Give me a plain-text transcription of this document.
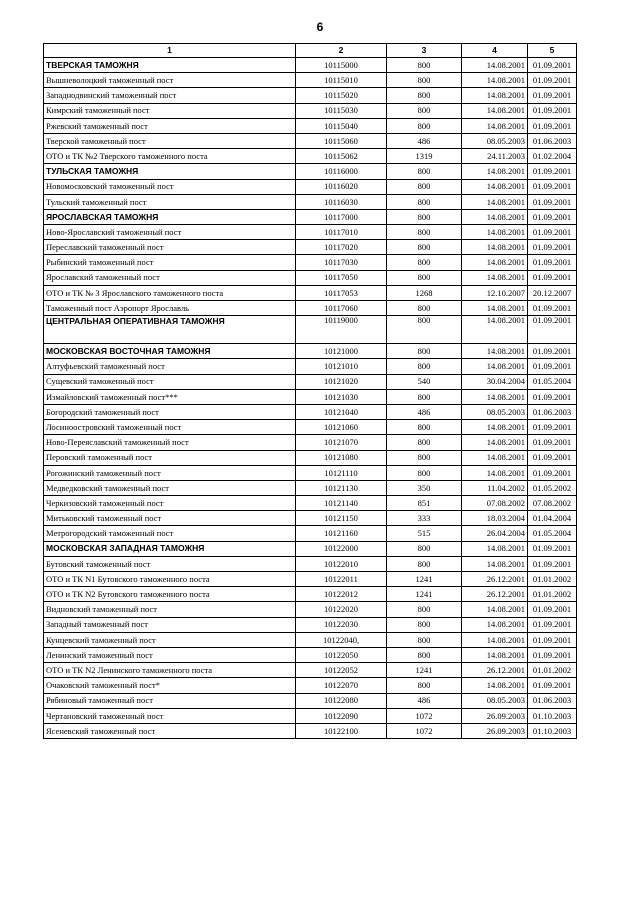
6
1	2	3	4	5
ТВЕРСКАЯ ТАМОЖНЯ	10115000	800	14.08.2001	01.09.2001
Вышневолоцкий таможенный пост	10115010	800	14.08.2001	01.09.2001
Западнодвинский таможенный пост	10115020	800	14.08.2001	01.09.2001
Кимрский таможенный пост	10115030	800	14.08.2001	01.09.2001
Ржевский таможенный пост	10115040	800	14.08.2001	01.09.2001
Тверской таможенный пост	10115060	486	08.05.2003	01.06.2003
ОТО и ТК №2 Тверского таможенного поста	10115062	1319	24.11.2003	01.02.2004
ТУЛЬСКАЯ ТАМОЖНЯ	10116000	800	14.08.2001	01.09.2001
Новомосковский таможенный пост	10116020	800	14.08.2001	01.09.2001
Тульский таможенный пост	10116030	800	14.08.2001	01.09.2001
ЯРОСЛАВСКАЯ ТАМОЖНЯ	10117000	800	14.08.2001	01.09.2001
Ново-Ярославский таможенный пост	10117010	800	14.08.2001	01.09.2001
Переславский таможенный пост	10117020	800	14.08.2001	01.09.2001
Рыбинский таможенный пост	10117030	800	14.08.2001	01.09.2001
Ярославский таможенный пост	10117050	800	14.08.2001	01.09.2001
ОТО и ТК № 3 Ярославского таможенного поста	10117053	1268	12.10.2007	20.12.2007
Таможенный пост Аэропорт Ярославль	10117060	800	14.08.2001	01.09.2001
ЦЕНТРАЛЬНАЯ ОПЕРАТИВНАЯ ТАМОЖНЯ	10119000	800	14.08.2001	01.09.2001
МОСКОВСКАЯ ВОСТОЧНАЯ ТАМОЖНЯ	10121000	800	14.08.2001	01.09.2001
Алтуфьевский таможенный пост	10121010	800	14.08.2001	01.09.2001
Сущевский таможенный пост	10121020	540	30.04.2004	01.05.2004
Измайловский таможенный пост***	10121030	800	14.08.2001	01.09.2001
Богородский таможенный пост	10121040	486	08.05.2003	01.06.2003
Лосиноостровский таможенный пост	10121060	800	14.08.2001	01.09.2001
Ново-Переяславский таможенный пост	10121070	800	14.08.2001	01.09.2001
Перовский таможенный пост	10121080	800	14.08.2001	01.09.2001
Рогожинский таможенный пост	10121110	800	14.08.2001	01.09.2001
Медведковский таможенный пост	10121130	350	11.04.2002	01.05.2002
Черкизовский таможенный пост	10121140	851	07.08.2002	07.08.2002
Митьковский таможенный пост	10121150	333	18.03.2004	01.04.2004
Метрогородский таможенный пост	10121160	515	26.04.2004	01.05.2004
МОСКОВСКАЯ ЗАПАДНАЯ ТАМОЖНЯ	10122000	800	14.08.2001	01.09.2001
Бутовский таможенный пост	10122010	800	14.08.2001	01.09.2001
ОТО и ТК N1 Бутовского таможенного поста	10122011	1241	26.12.2001	01.01.2002
ОТО и ТК N2 Бутовского таможенного поста	10122012	1241	26.12.2001	01.01.2002
Видновский таможенный пост	10122020	800	14.08.2001	01.09.2001
Западный таможенный пост	10122030	800	14.08.2001	01.09.2001
Кунцевский таможенный пост	10122040,	800	14.08.2001	01.09.2001
Ленинский таможенный пост	10122050	800	14.08.2001	01.09.2001
ОТО и ТК N2 Ленинского таможенного поста	10122052	1241	26.12.2001	01.01.2002
Очаковский таможенный пост*	10122070	800	14.08.2001	01.09.2001
Рябиновый таможенный пост	10122080	486	08.05.2003	01.06.2003
Чертановский таможенный пост	10122090	1072	26.09.2003	01.10.2003
Ясеневский таможенный пост	10122100	1072	26.09.2003	01.10.2003
